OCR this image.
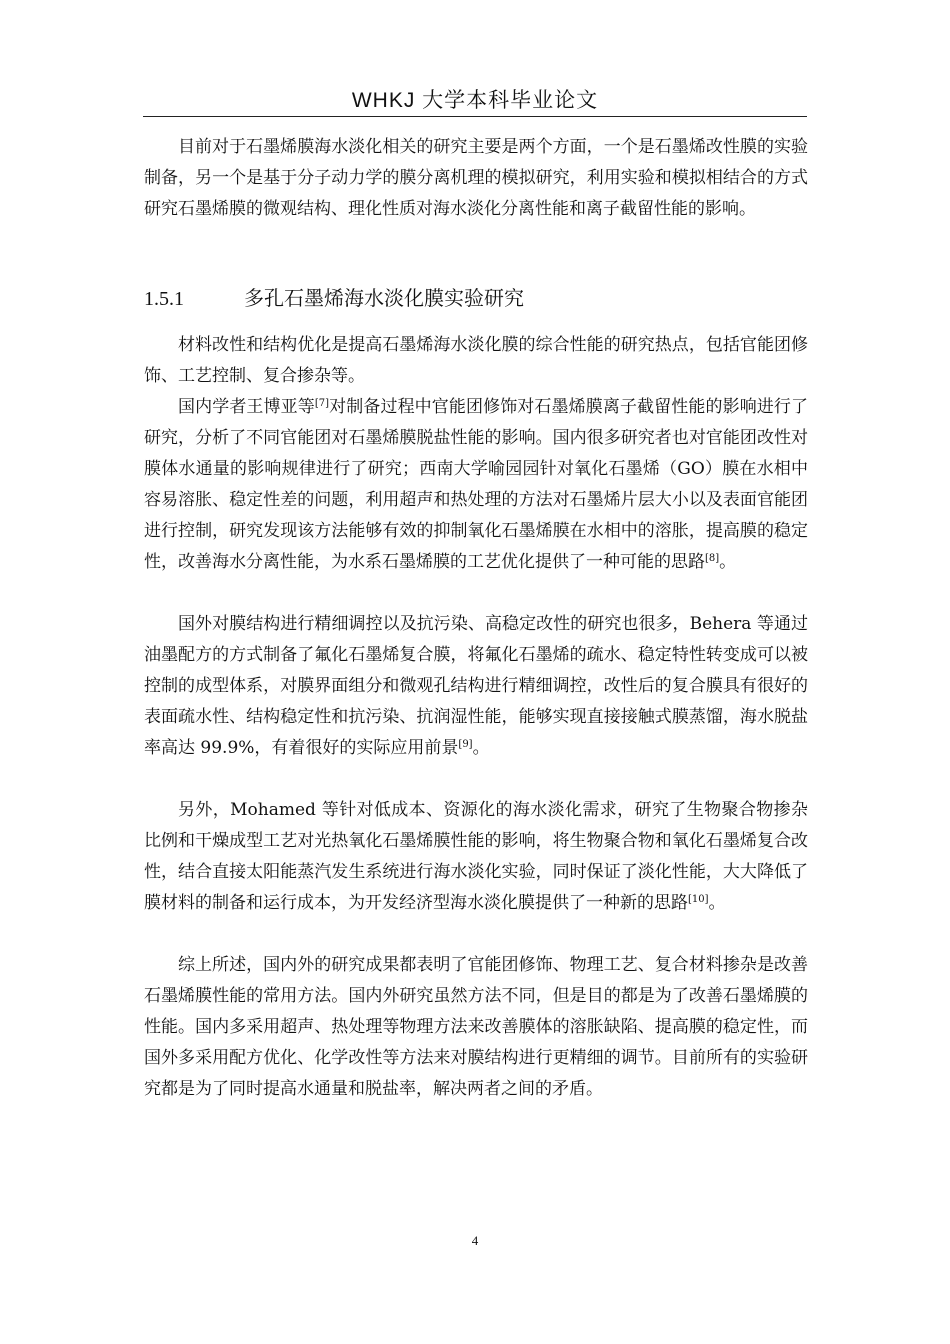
WHKJ 大学本科毕业论文

目前对于石墨烯膜海水淡化相关的研究主要是两个方面，一个是石墨烯改性膜的实验制备，另一个是基于分子动力学的膜分离机理的模拟研究，利用实验和模拟相结合的方式研究石墨烯膜的微观结构、理化性质对海水淡化分离性能和离子截留性能的影响。

1.5.1	多孔石墨烯海水淡化膜实验研究

材料改性和结构优化是提高石墨烯海水淡化膜的综合性能的研究热点，包括官能团修饰、工艺控制、复合掺杂等。

国内学者王博亚等[7]对制备过程中官能团修饰对石墨烯膜离子截留性能的影响进行了研究，分析了不同官能团对石墨烯膜脱盐性能的影响。国内很多研究者也对官能团改性对膜体水通量的影响规律进行了研究；西南大学喻园园针对氧化石墨烯（GO）膜在水相中容易溶胀、稳定性差的问题，利用超声和热处理的方法对石墨烯片层大小以及表面官能团进行控制，研究发现该方法能够有效的抑制氧化石墨烯膜在水相中的溶胀，提高膜的稳定性，改善海水分离性能，为水系石墨烯膜的工艺优化提供了一种可能的思路[8]。

国外对膜结构进行精细调控以及抗污染、高稳定改性的研究也很多，Behera 等通过油墨配方的方式制备了氟化石墨烯复合膜，将氟化石墨烯的疏水、稳定特性转变成可以被控制的成型体系，对膜界面组分和微观孔结构进行精细调控，改性后的复合膜具有很好的表面疏水性、结构稳定性和抗污染、抗润湿性能，能够实现直接接触式膜蒸馏，海水脱盐率高达 99.9%，有着很好的实际应用前景[9]。

另外，Mohamed 等针对低成本、资源化的海水淡化需求，研究了生物聚合物掺杂比例和干燥成型工艺对光热氧化石墨烯膜性能的影响，将生物聚合物和氧化石墨烯复合改性，结合直接太阳能蒸汽发生系统进行海水淡化实验，同时保证了淡化性能，大大降低了膜材料的制备和运行成本，为开发经济型海水淡化膜提供了一种新的思路[10]。

综上所述，国内外的研究成果都表明了官能团修饰、物理工艺、复合材料掺杂是改善石墨烯膜性能的常用方法。国内外研究虽然方法不同，但是目的都是为了改善石墨烯膜的性能。国内多采用超声、热处理等物理方法来改善膜体的溶胀缺陷、提高膜的稳定性，而国外多采用配方优化、化学改性等方法来对膜结构进行更精细的调节。目前所有的实验研究都是为了同时提高水通量和脱盐率，解决两者之间的矛盾。

4
